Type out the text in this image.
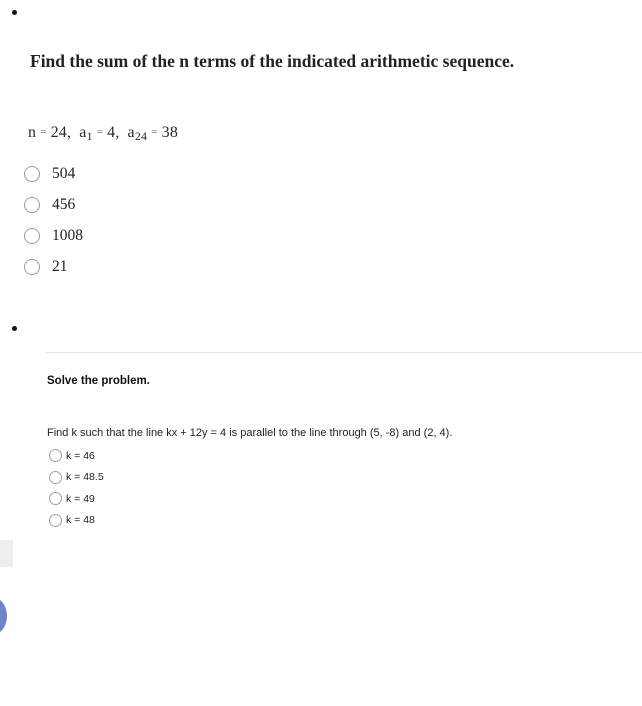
Find the sum of the n terms of the indicated arithmetic sequence.
n = 24, a1 = 4, a24 = 38
504
456
1008
21
Solve the problem.
Find k such that the line kx + 12y = 4 is parallel to the line through (5, -8) and (2, 4).
k = 46
k = 48.5
k = 49
k = 48
